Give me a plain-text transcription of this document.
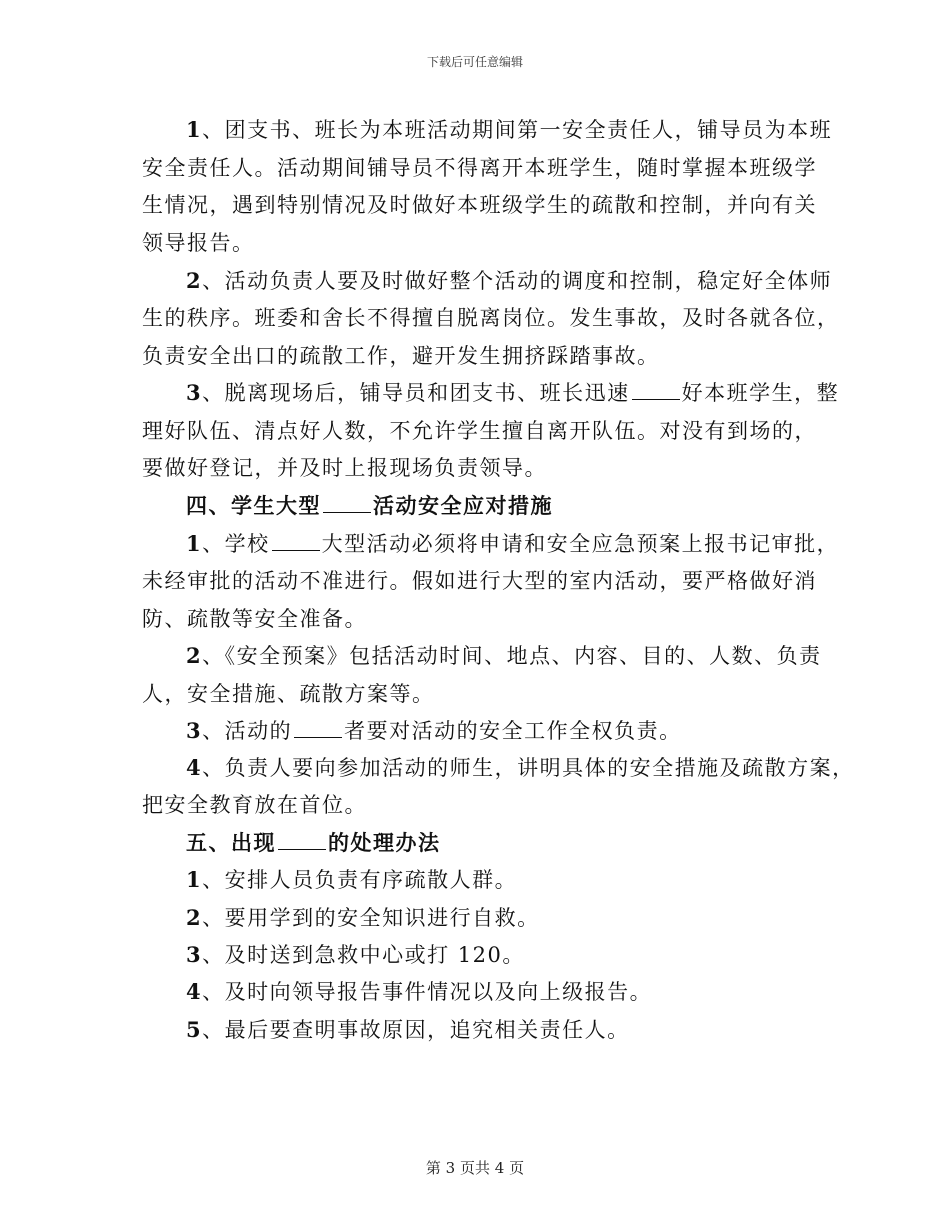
下载后可任意编辑
1、团支书、班长为本班活动期间第一安全责任人，铺导员为本班
安全责任人。活动期间铺导员不得离开本班学生，随时掌握本班级学
生情况，遇到特别情况及时做好本班级学生的疏散和控制，并向有关
领导报告。
2、活动负责人要及时做好整个活动的调度和控制，稳定好全体师
生的秩序。班委和舍长不得擅自脱离岗位。发生事故，及时各就各位，
负责安全出口的疏散工作，避开发生拥挤踩踏事故。
3、脱离现场后，铺导员和团支书、班长迅速 好本班学生，整
理好队伍、清点好人数，不允许学生擅自离开队伍。对没有到场的，
要做好登记，并及时上报现场负责领导。
四、学生大型 活动安全应对措施
1、学校 大型活动必须将申请和安全应急预案上报书记审批，
未经审批的活动不准进行。假如进行大型的室内活动，要严格做好消
防、疏散等安全准备。
2、《安全预案》包括活动时间、地点、内容、目的、人数、负责
人，安全措施、疏散方案等。
3、活动的 者要对活动的安全工作全权负责。
4、负责人要向参加活动的师生，讲明具体的安全措施及疏散方案，
把安全教育放在首位。
五、出现 的处理办法
1、安排人员负责有序疏散人群。
2、要用学到的安全知识进行自救。
3、及时送到急救中心或打 120。
4、及时向领导报告事件情况以及向上级报告。
5、最后要查明事故原因，追究相关责任人。
第 3 页共 4 页
